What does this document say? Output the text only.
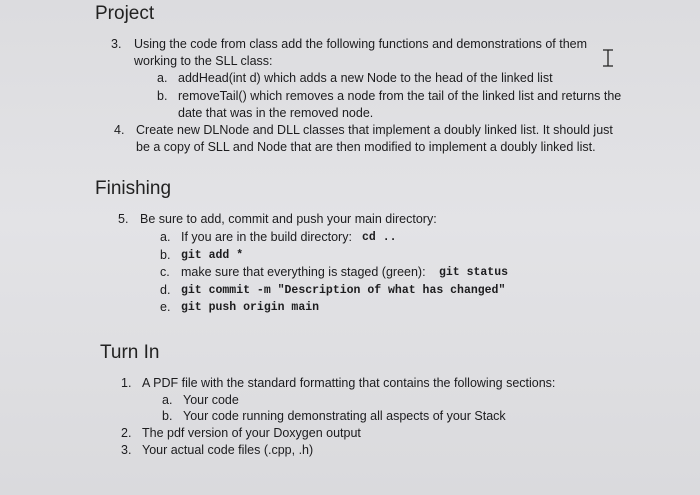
Project
3. Using the code from class add the following functions and demonstrations of them
working to the SLL class:
a. addHead(int d) which adds a new Node to the head of the linked list
b. removeTail() which removes a node from the tail of the linked list and returns the
date that was in the removed node.
4. Create new DLNode and DLL classes that implement a doubly linked list. It should just
be a copy of SLL and Node that are then modified to implement a doubly linked list.
Finishing
5. Be sure to add, commit and push your main directory:
a. If you are in the build directory: cd ..
b. git add *
c. make sure that everything is staged (green): git status
d. git commit -m "Description of what has changed"
e. git push origin main
Turn In
1. A PDF file with the standard formatting that contains the following sections:
a. Your code
b. Your code running demonstrating all aspects of your Stack
2. The pdf version of your Doxygen output
3. Your actual code files (.cpp, .h)
